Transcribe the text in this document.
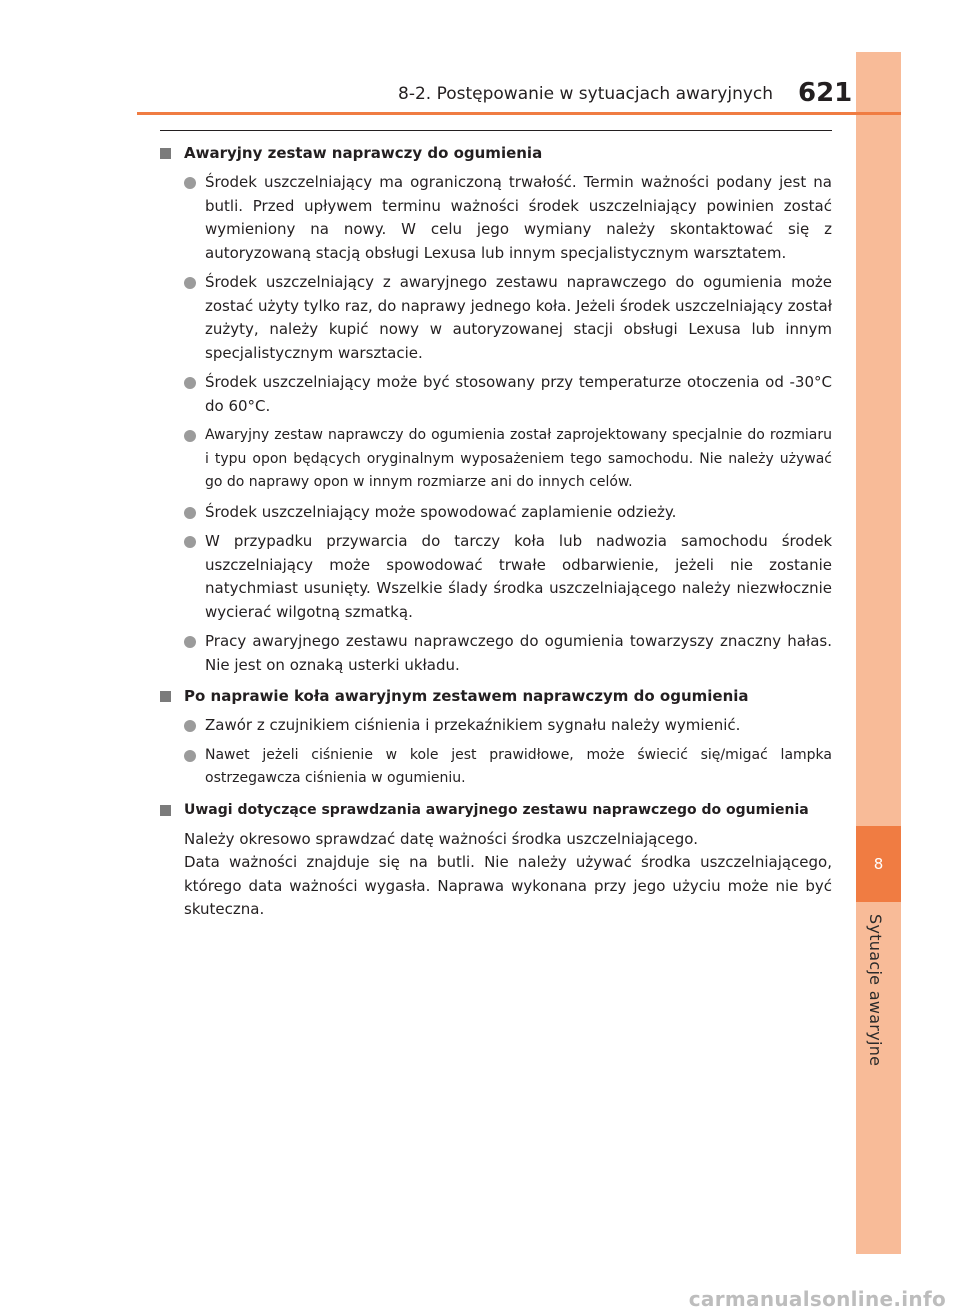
8
Sytuacje awaryjne
8-2. Postępowanie w sytuacjach awaryjnych 621
Awaryjny zestaw naprawczy do ogumienia
Środek uszczelniający ma ograniczoną trwałość. Termin ważności podany jest na butli. Przed upływem terminu ważności środek uszczelniający powinien zostać wymieniony na nowy. W celu jego wymiany należy skontaktować się z autoryzowaną stacją obsługi Lexusa lub innym specjalistycznym warsztatem.
Środek uszczelniający z awaryjnego zestawu naprawczego do ogumienia może zostać użyty tylko raz, do naprawy jednego koła. Jeżeli środek uszczelniający został zużyty, należy kupić nowy w autoryzowanej stacji obsługi Lexusa lub innym specjalistycznym warsztacie.
Środek uszczelniający może być stosowany przy temperaturze otoczenia od -30°C do 60°C.
Awaryjny zestaw naprawczy do ogumienia został zaprojektowany specjalnie do rozmiaru i typu opon będących oryginalnym wyposażeniem tego samochodu. Nie należy używać go do naprawy opon w innym rozmiarze ani do innych celów.
Środek uszczelniający może spowodować zaplamienie odzieży.
W przypadku przywarcia do tarczy koła lub nadwozia samochodu środek uszczelniający może spowodować trwałe odbarwienie, jeżeli nie zostanie natychmiast usunięty. Wszelkie ślady środka uszczelniającego należy niezwłocznie wycierać wilgotną szmatką.
Pracy awaryjnego zestawu naprawczego do ogumienia towarzyszy znaczny hałas. Nie jest on oznaką usterki układu.
Po naprawie koła awaryjnym zestawem naprawczym do ogumienia
Zawór z czujnikiem ciśnienia i przekaźnikiem sygnału należy wymienić.
Nawet jeżeli ciśnienie w kole jest prawidłowe, może świecić się/migać lampka ostrzegawcza ciśnienia w ogumieniu.
Uwagi dotyczące sprawdzania awaryjnego zestawu naprawczego do ogumienia
Należy okresowo sprawdzać datę ważności środka uszczelniającego.
Data ważności znajduje się na butli. Nie należy używać środka uszczelniającego, którego data ważności wygasła. Naprawa wykonana przy jego użyciu może nie być skuteczna.
carmanualsonline.info
